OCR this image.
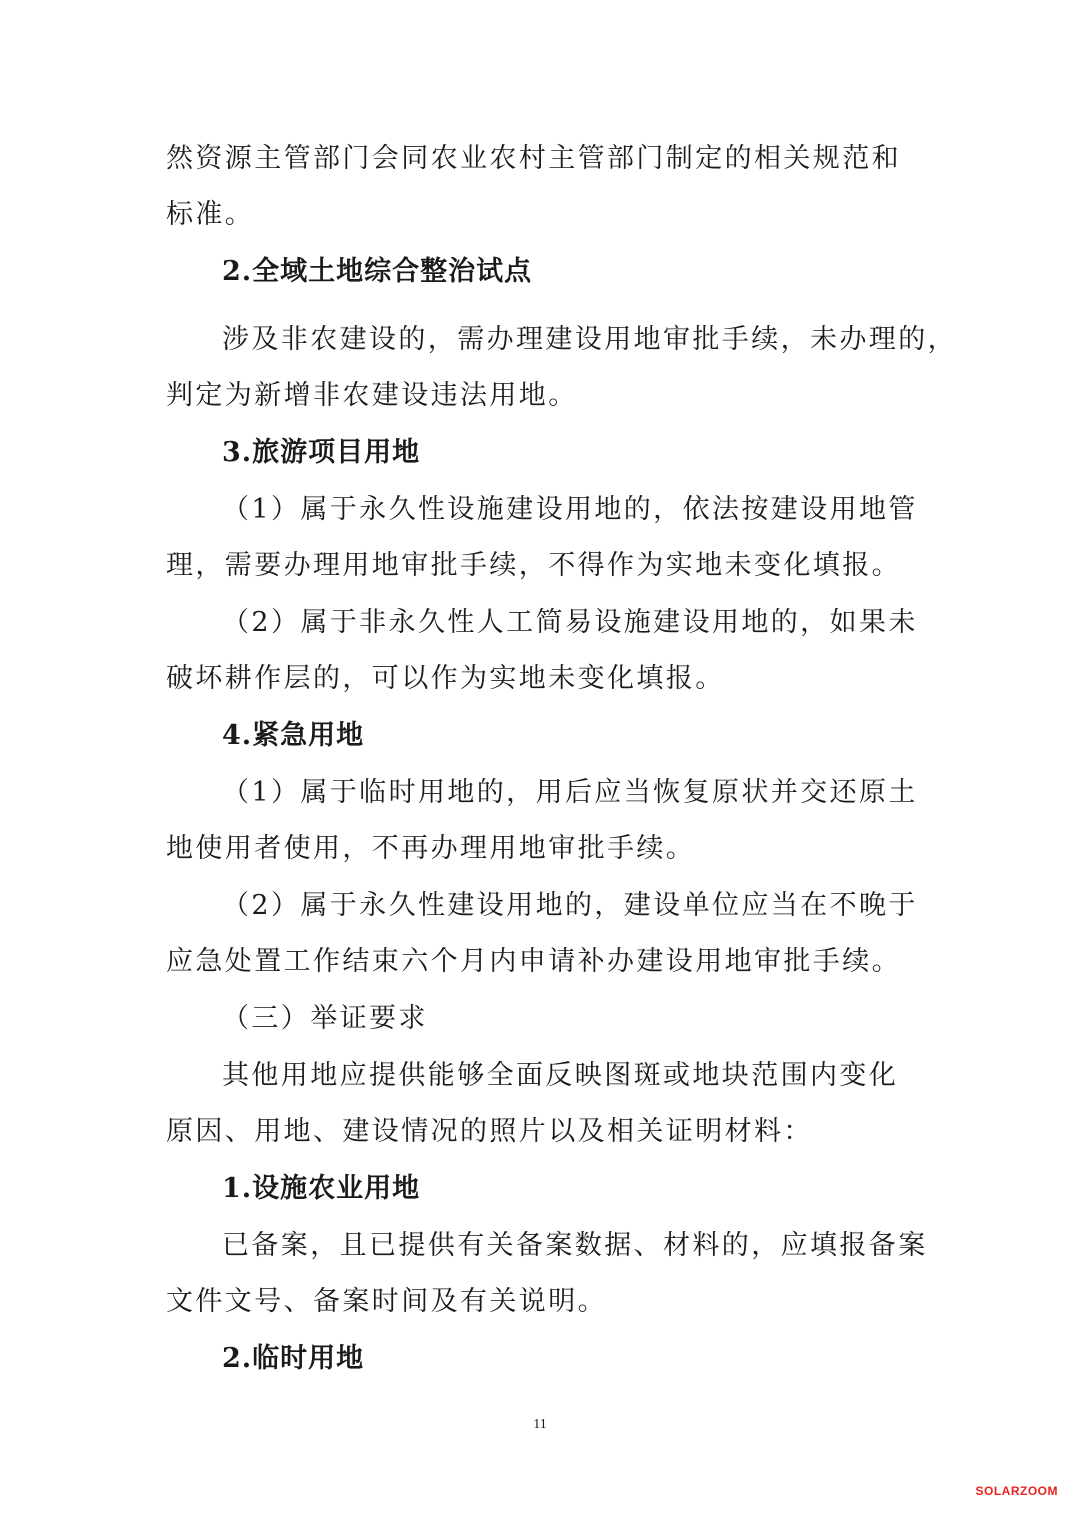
然资源主管部门会同农业农村主管部门制定的相关规范和
标准。
2.全域土地综合整治试点
涉及非农建设的，需办理建设用地审批手续，未办理的，
判定为新增非农建设违法用地。
3.旅游项目用地
（1）属于永久性设施建设用地的，依法按建设用地管
理，需要办理用地审批手续，不得作为实地未变化填报。
（2）属于非永久性人工简易设施建设用地的，如果未
破坏耕作层的，可以作为实地未变化填报。
4.紧急用地
（1）属于临时用地的，用后应当恢复原状并交还原土
地使用者使用，不再办理用地审批手续。
（2）属于永久性建设用地的，建设单位应当在不晚于
应急处置工作结束六个月内申请补办建设用地审批手续。
（三）举证要求
其他用地应提供能够全面反映图斑或地块范围内变化
原因、用地、建设情况的照片以及相关证明材料：
1.设施农业用地
已备案，且已提供有关备案数据、材料的，应填报备案
文件文号、备案时间及有关说明。
2.临时用地
11
SOLARZOOM
